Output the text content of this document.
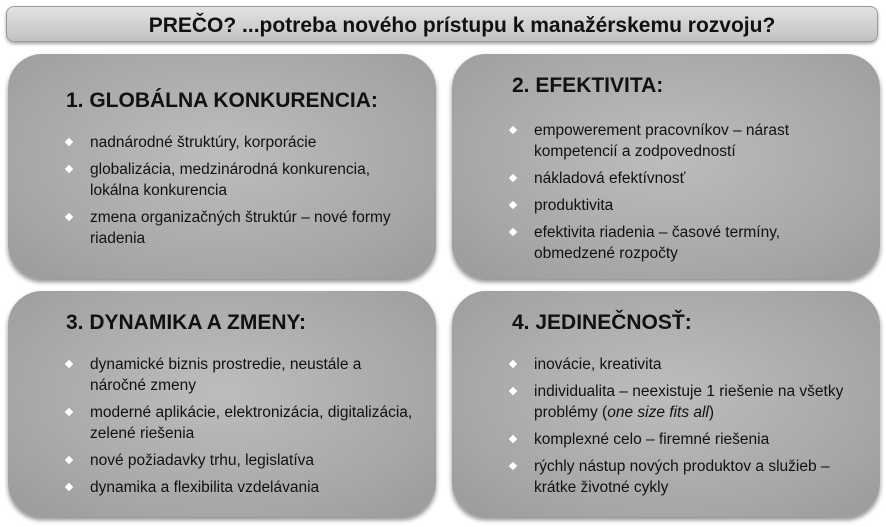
PREČO? ...potreba nového prístupu k manažérskemu rozvoju?
1. GLOBÁLNA KONKURENCIA:
nadnárodné štruktúry, korporácie
globalizácia, medzinárodná konkurencia, lokálna konkurencia
zmena organizačných štruktúr – nové formy riadenia
2. EFEKTIVITA:
empowerement pracovníkov – nárast kompetencií a zodpovedností
nákladová efektívnosť
produktivita
efektivita riadenia – časové termíny, obmedzené rozpočty
3. DYNAMIKA A ZMENY:
dynamické biznis prostredie, neustále a náročné zmeny
moderné aplikácie, elektronizácia, digitalizácia, zelené riešenia
nové požiadavky trhu, legislatíva
dynamika a flexibilita vzdelávania
4. JEDINEČNOSŤ:
inovácie, kreativita
individualita – neexistuje 1 riešenie na všetky problémy (one size fits all)
komplexné celo – firemné riešenia
rýchly nástup nových produktov a služieb – krátke životné cykly
